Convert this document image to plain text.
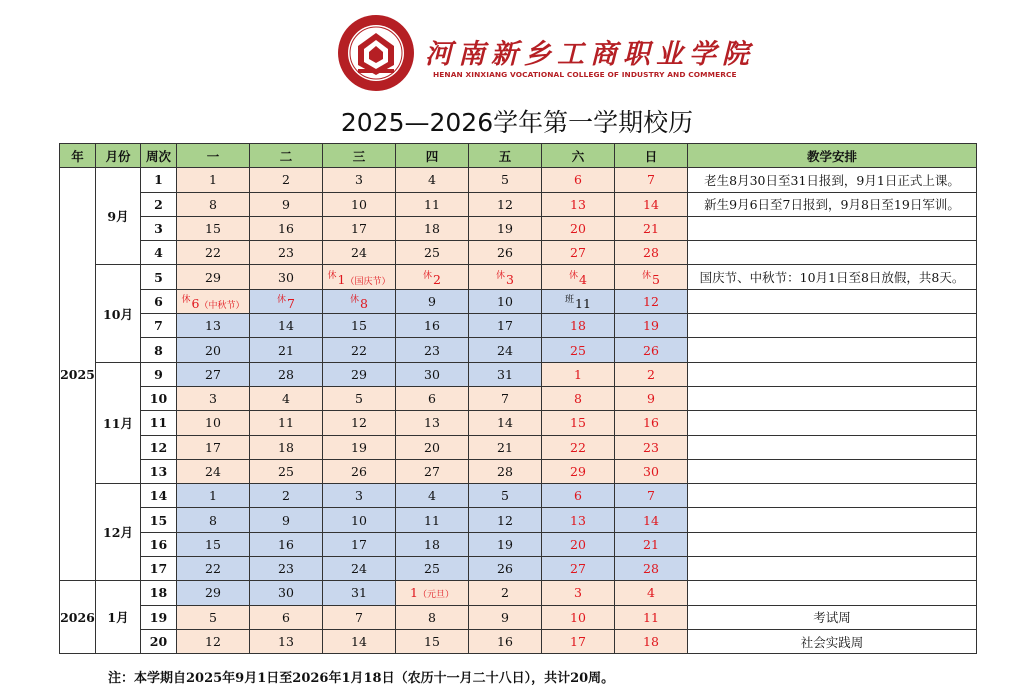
河南新乡工商职业学院
HENAN XINXIANG VOCATIONAL COLLEGE OF INDUSTRY AND COMMERCE
2025—2026学年第一学期校历
年	月份	周次	一	二	三	四	五	六	日	教学安排
2025	9月	1	1	2	3	4	5	6	7	老生8月30日至31日报到，9月1日正式上课。
		2	8	9	10	11	12	13	14	新生9月6日至7日报到，9月8日至19日军训。
		3	15	16	17	18	19	20	21	
		4	22	23	24	25	26	27	28	
	10月	5	29	30	$^休$1（国庆节）	$^休$2	$^休$3	$^休$4	$^休$5	国庆节、中秋节：10月1日至8日放假，共8天。
		6	$^休$6（中秋节）	$^休$7	$^休$8	9	10	$^班$11	12	
		7	13	14	15	16	17	18	19	
		8	20	21	22	23	24	25	26	
	11月	9	27	28	29	30	31	1	2	
		10	3	4	5	6	7	8	9	
		11	10	11	12	13	14	15	16	
		12	17	18	19	20	21	22	23	
		13	24	25	26	27	28	29	30	
	12月	14	1	2	3	4	5	6	7	
		15	8	9	10	11	12	13	14	
		16	15	16	17	18	19	20	21	
		17	22	23	24	25	26	27	28	
2026	1月	18	29	30	31	1（元旦）	2	3	4	
		19	5	6	7	8	9	10	11	考试周
		20	12	13	14	15	16	17	18	社会实践周
注：本学期自2025年9月1日至2026年1月18日（农历十一月二十八日），共计20周。
